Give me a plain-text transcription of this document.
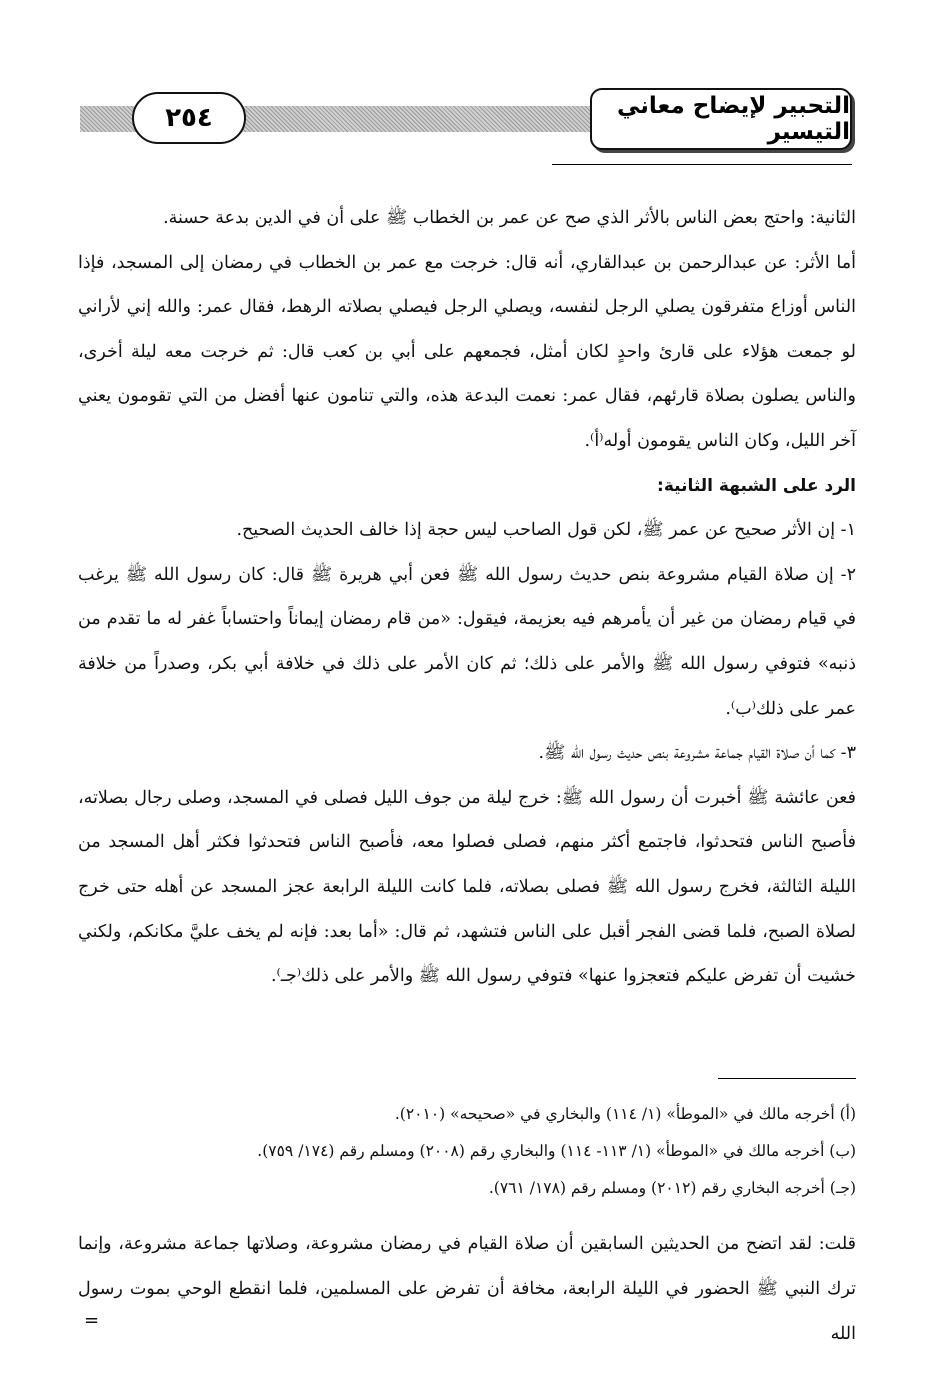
التحبير لإيضاح معاني التيسير
٢٥٤

الثانية: واحتج بعض الناس بالأثر الذي صح عن عمر بن الخطاب ﷺ على أن في الدين بدعة حسنة.

أما الأثر: عن عبدالرحمن بن عبدالقاري، أنه قال: خرجت مع عمر بن الخطاب في رمضان إلى المسجد، فإذا الناس أوزاع متفرقون يصلي الرجل لنفسه، ويصلي الرجل فيصلي بصلاته الرهط، فقال عمر: والله إني لأراني لو جمعت هؤلاء على قارئ واحدٍ لكان أمثل، فجمعهم على أبي بن كعب قال: ثم خرجت معه ليلة أخرى، والناس يصلون بصلاة قارئهم، فقال عمر: نعمت البدعة هذه، والتي تنامون عنها أفضل من التي تقومون يعني آخر الليل، وكان الناس يقومون أوله⁽أ⁾.

الرد على الشبهة الثانية:

١- إن الأثر صحيح عن عمر ﷺ، لكن قول الصاحب ليس حجة إذا خالف الحديث الصحيح.

٢- إن صلاة القيام مشروعة بنص حديث رسول الله ﷺ فعن أبي هريرة ﷺ قال: كان رسول الله ﷺ يرغب في قيام رمضان من غير أن يأمرهم فيه بعزيمة، فيقول: «من قام رمضان إيماناً واحتساباً غفر له ما تقدم من ذنبه» فتوفي رسول الله ﷺ والأمر على ذلك؛ ثم كان الأمر على ذلك في خلافة أبي بكر، وصدراً من خلافة عمر على ذلك⁽ب⁾.

٣- كما أن صلاة القيام جماعة مشروعة بنص حديث رسول الله ﷺ.

فعن عائشة ﷺ أخبرت أن رسول الله ﷺ: خرج ليلة من جوف الليل فصلى في المسجد، وصلى رجال بصلاته، فأصبح الناس فتحدثوا، فاجتمع أكثر منهم، فصلى فصلوا معه، فأصبح الناس فتحدثوا فكثر أهل المسجد من الليلة الثالثة، فخرج رسول الله ﷺ فصلى بصلاته، فلما كانت الليلة الرابعة عجز المسجد عن أهله حتى خرج لصلاة الصبح، فلما قضى الفجر أقبل على الناس فتشهد، ثم قال: «أما بعد: فإنه لم يخف عليَّ مكانكم، ولكني خشيت أن تفرض عليكم فتعجزوا عنها» فتوفي رسول الله ﷺ والأمر على ذلك⁽جـ⁾.

(أ) أخرجه مالك في «الموطأ» (١/ ١١٤) والبخاري في «صحيحه» (٢٠١٠).

(ب) أخرجه مالك في «الموطأ» (١/ ١١٣- ١١٤) والبخاري رقم (٢٠٠٨) ومسلم رقم (١٧٤/ ٧٥٩).

(جـ) أخرجه البخاري رقم (٢٠١٢) ومسلم رقم (١٧٨/ ٧٦١).

قلت: لقد اتضح من الحديثين السابقين أن صلاة القيام في رمضان مشروعة، وصلاتها جماعة مشروعة، وإنما ترك النبي ﷺ الحضور في الليلة الرابعة، مخافة أن تفرض على المسلمين، فلما انقطع الوحي بموت رسول الله

=
